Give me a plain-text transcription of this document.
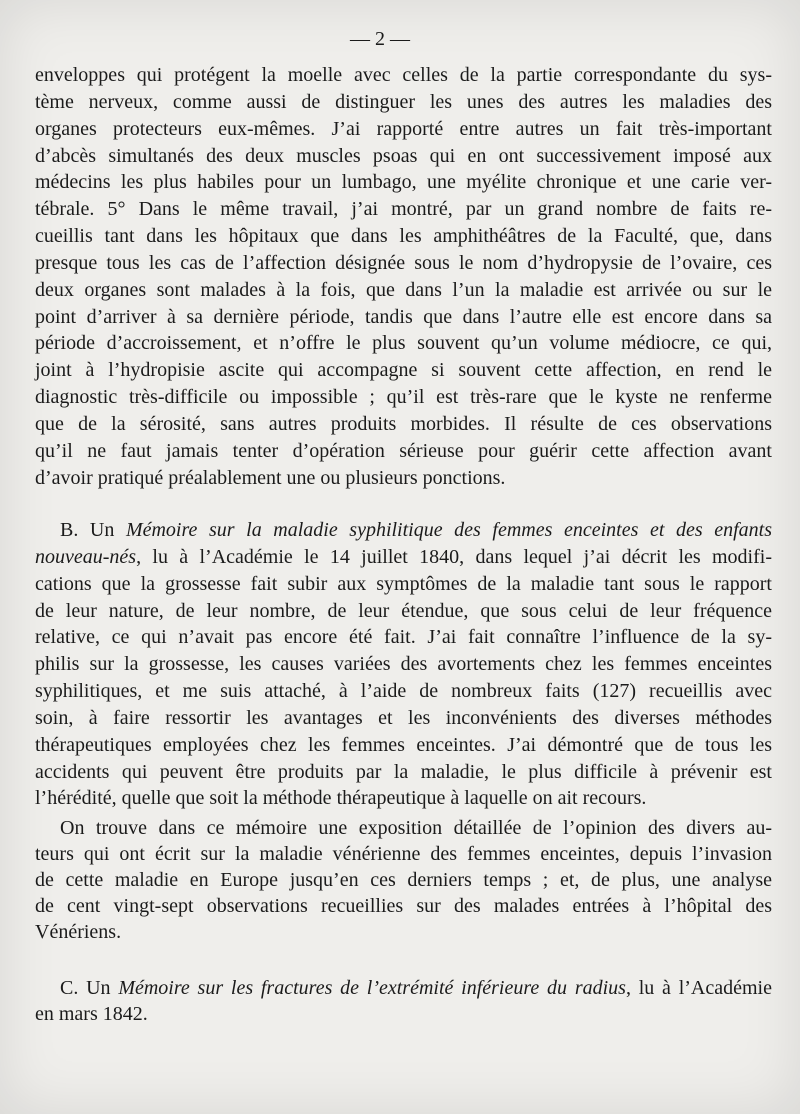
— 2 —
enveloppes qui protégent la moelle avec celles de la partie correspondante du sys-
tème nerveux, comme aussi de distinguer les unes des autres les maladies des
organes protecteurs eux-mêmes. J’ai rapporté entre autres un fait très-important
d’abcès simultanés des deux muscles psoas qui en ont successivement imposé aux
médecins les plus habiles pour un lumbago, une myélite chronique et une carie ver-
tébrale. 5° Dans le même travail, j’ai montré, par un grand nombre de faits re-
cueillis tant dans les hôpitaux que dans les amphithéâtres de la Faculté, que, dans
presque tous les cas de l’affection désignée sous le nom d’hydropysie de l’ovaire, ces
deux organes sont malades à la fois, que dans l’un la maladie est arrivée ou sur le
point d’arriver à sa dernière période, tandis que dans l’autre elle est encore dans sa
période d’accroissement, et n’offre le plus souvent qu’un volume médiocre, ce qui,
joint à l’hydropisie ascite qui accompagne si souvent cette affection, en rend le
diagnostic très-difficile ou impossible ; qu’il est très-rare que le kyste ne renferme
que de la sérosité, sans autres produits morbides. Il résulte de ces observations
qu’il ne faut jamais tenter d’opération sérieuse pour guérir cette affection avant
d’avoir pratiqué préalablement une ou plusieurs ponctions.
B. Un Mémoire sur la maladie syphilitique des femmes enceintes et des enfants
nouveau-nés, lu à l’Académie le 14 juillet 1840, dans lequel j’ai décrit les modifi-
cations que la grossesse fait subir aux symptômes de la maladie tant sous le rapport
de leur nature, de leur nombre, de leur étendue, que sous celui de leur fréquence
relative, ce qui n’avait pas encore été fait. J’ai fait connaître l’influence de la sy-
philis sur la grossesse, les causes variées des avortements chez les femmes enceintes
syphilitiques, et me suis attaché, à l’aide de nombreux faits (127) recueillis avec
soin, à faire ressortir les avantages et les inconvénients des diverses méthodes
thérapeutiques employées chez les femmes enceintes. J’ai démontré que de tous les
accidents qui peuvent être produits par la maladie, le plus difficile à prévenir est
l’hérédité, quelle que soit la méthode thérapeutique à laquelle on ait recours.
On trouve dans ce mémoire une exposition détaillée de l’opinion des divers au-
teurs qui ont écrit sur la maladie vénérienne des femmes enceintes, depuis l’invasion
de cette maladie en Europe jusqu’en ces derniers temps ; et, de plus, une analyse
de cent vingt-sept observations recueillies sur des malades entrées à l’hôpital des
Vénériens.
C. Un Mémoire sur les fractures de l’extrémité inférieure du radius, lu à l’Académie
en mars 1842.
